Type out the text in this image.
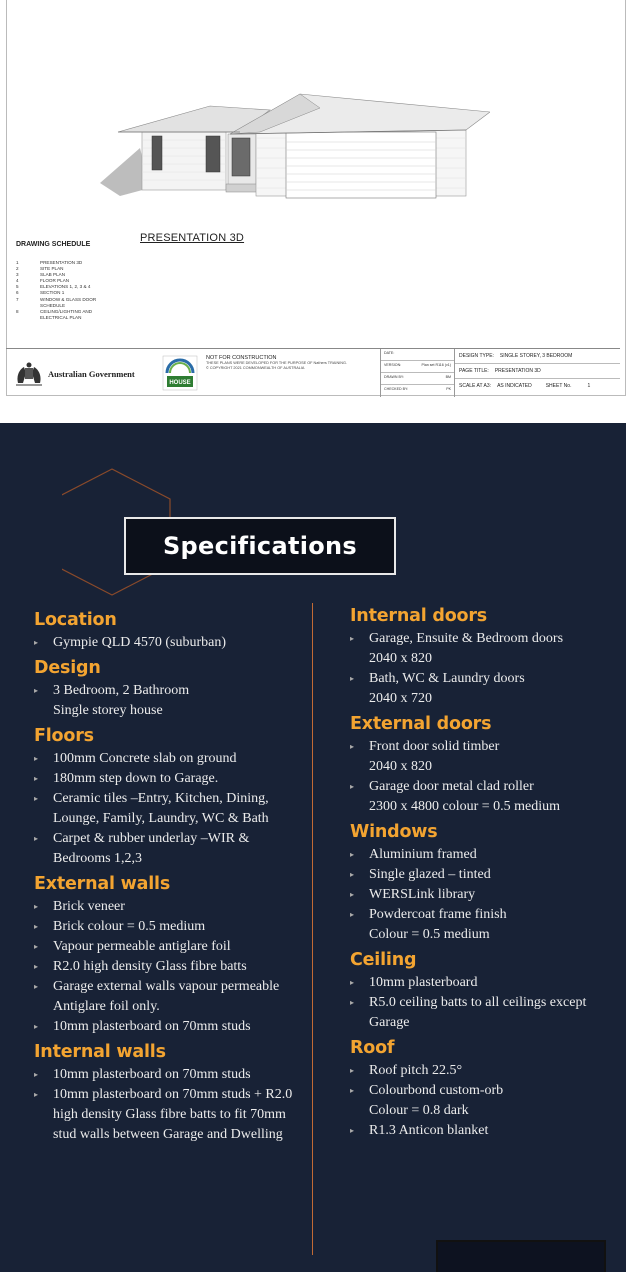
PRESENTATION 3D
DRAWING SCHEDULE
1	PRESENTATION 3D
2	SITE PLAN
3	SLAB PLAN
4	FLOOR PLAN
5	ELEVATIONS 1, 2, 3 & 4
6	SECTION 1
7	WINDOW & GLASS DOOR SCHEDULE
8	CEILING/LIGHTING AND ELECTRICAL PLAN
Australian Government
HOUSE
NOT FOR CONSTRUCTION
THESE PLANS WERE DEVELOPED FOR THE PURPOSE OF Nathers TRAINING.
© COPYRIGHT 2021 COMMONWEALTH OF AUSTRALIA
DATE:
VERSION:	Plan set R116 (v1)
DRAWN BY:	BM
CHECKED BY:	PK
DESIGN TYPE: SINGLE STOREY, 3 BEDROOM
PAGE TITLE: PRESENTATION 3D
SCALE AT A3: AS INDICATED	SHEET No.	1
Specifications
Location
▸ Gympie QLD 4570 (suburban)
Design
▸ 3 Bedroom, 2 Bathroom
Single storey house
Floors
▸ 100mm Concrete slab on ground
▸ 180mm step down to Garage.
▸ Ceramic tiles –Entry, Kitchen, Dining, Lounge, Family, Laundry, WC & Bath
▸ Carpet & rubber underlay –WIR & Bedrooms 1,2,3
External walls
▸ Brick veneer
▸ Brick colour = 0.5 medium
▸ Vapour permeable antiglare foil
▸ R2.0 high density Glass fibre batts
▸ Garage external walls vapour permeable Antiglare foil only.
▸ 10mm plasterboard on 70mm studs
Internal walls
▸ 10mm plasterboard on 70mm studs
▸ 10mm plasterboard on 70mm studs + R2.0 high density Glass fibre batts to fit 70mm stud walls between Garage and Dwelling
Internal doors
▸ Garage, Ensuite & Bedroom doors
2040 x 820
▸ Bath, WC & Laundry doors
2040 x 720
External doors
▸ Front door solid timber
2040 x 820
▸ Garage door metal clad roller
2300 x 4800 colour = 0.5 medium
Windows
▸ Aluminium framed
▸ Single glazed – tinted
▸ WERSLink library
▸ Powdercoat frame finish
Colour = 0.5 medium
Ceiling
▸ 10mm plasterboard
▸ R5.0 ceiling batts to all ceilings except Garage
Roof
▸ Roof pitch 22.5°
▸ Colourbond custom-orb
Colour = 0.8 dark
▸ R1.3 Anticon blanket
